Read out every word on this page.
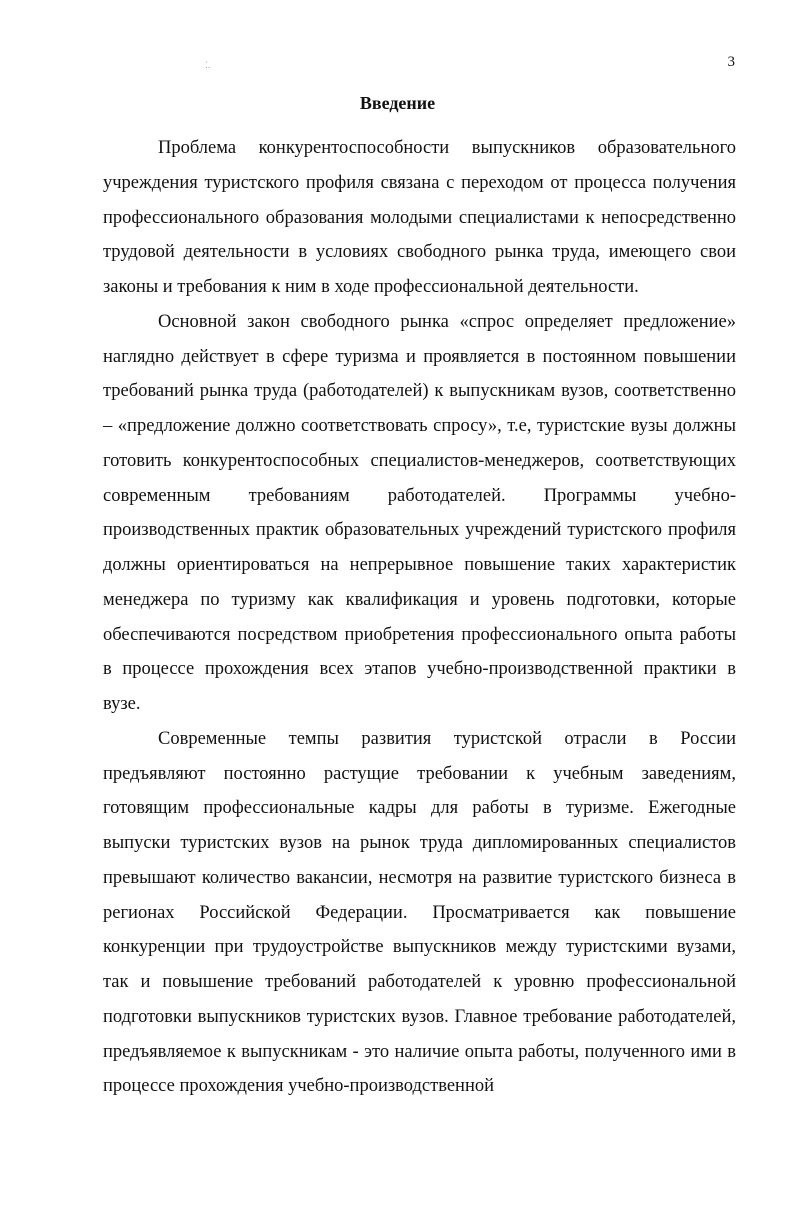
⁚.	3
Введение

Проблема конкурентоспособности выпускников образовательного учреждения туристского профиля связана с переходом от процесса получения профессионального образования молодыми специалистами к непосредственно трудовой деятельности в условиях свободного рынка труда, имеющего свои законы и требования к ним в ходе профессиональной деятельности.

Основной закон свободного рынка «спрос определяет предложение» наглядно действует в сфере туризма и проявляется в постоянном повышении требований рынка труда (работодателей) к выпускникам вузов, соответственно – «предложение должно соответствовать спросу», т.е, туристские вузы должны готовить конкурентоспособных специалистов-менеджеров, соответствующих современным требованиям работодателей. Программы учебно-производственных практик образовательных учреждений туристского профиля должны ориентироваться на непрерывное повышение таких характеристик менеджера по туризму как квалификация и уровень подготовки, которые обеспечиваются посредством приобретения профессионального опыта работы в процессе прохождения всех этапов учебно-производственной практики в вузе.

Современные темпы развития туристской отрасли в России предъявляют постоянно растущие требовании к учебным заведениям, готовящим профессиональные кадры для работы в туризме. Ежегодные выпуски туристских вузов на рынок труда дипломированных специалистов превышают количество вакансии, несмотря на развитие туристского бизнеса в регионах Российской Федерации. Просматривается как повышение конкуренции при трудоустройстве выпускников между туристскими вузами, так и повышение требований работодателей к уровню профессиональной подготовки выпускников туристских вузов. Главное требование работодателей, предъявляемое к выпускникам - это наличие опыта работы, полученного ими в процессе прохождения учебно-производственной
